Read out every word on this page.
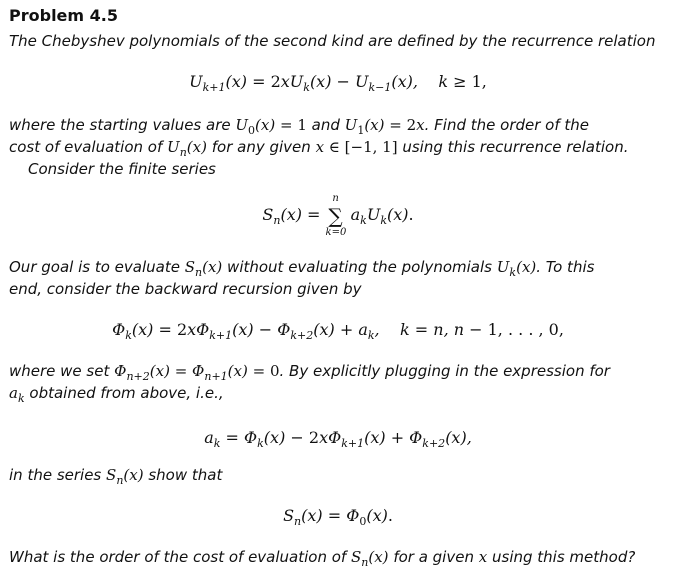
Problem 4.5
The Chebyshev polynomials of the second kind are defined by the recurrence relation
$U_{k+1}(x) = 2xU_k(x) - U_{k-1}(x)$,    k ≥ 1,
where the starting values are $U_0(x) = 1$ and $U_1(x) = 2x$. Find the order of the
cost of evaluation of $U_n(x)$ for any given x ∈ [−1, 1] using this recurrence relation.
Consider the finite series
$S_n(x)$ =
n
∑
k=0
$a_kU_k(x)$.
Our goal is to evaluate $S_n(x)$ without evaluating the polynomials $U_k(x)$. To this
end, consider the backward recursion given by
$\Phi_k(x) = 2x\Phi_{k+1}(x) - \Phi_{k+2}(x) + a_k$,    k = n, n − 1, . . . , 0,
where we set $\Phi_{n+2}(x) = \Phi_{n+1}(x) = 0$. By explicitly plugging in the expression for
$a_k$ obtained from above, i.e.,
$a_k = \Phi_k(x) - 2x\Phi_{k+1}(x) + \Phi_{k+2}(x)$,
in the series $S_n(x)$ show that
$S_n(x) = \Phi_0(x)$.
What is the order of the cost of evaluation of $S_n(x)$ for a given x using this method?
